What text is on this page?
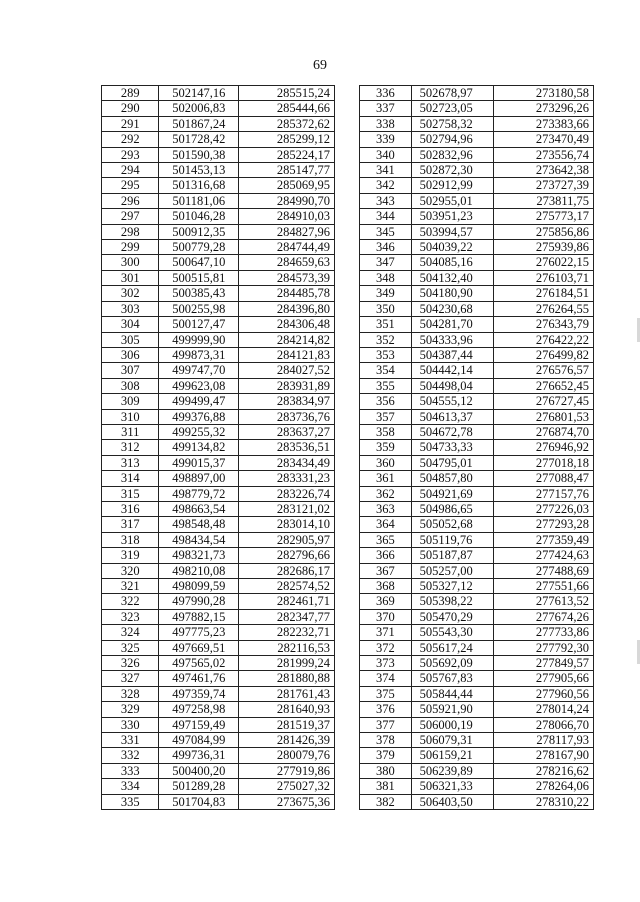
69
289	502147,16	285515,24
290	502006,83	285444,66
291	501867,24	285372,62
292	501728,42	285299,12
293	501590,38	285224,17
294	501453,13	285147,77
295	501316,68	285069,95
296	501181,06	284990,70
297	501046,28	284910,03
298	500912,35	284827,96
299	500779,28	284744,49
300	500647,10	284659,63
301	500515,81	284573,39
302	500385,43	284485,78
303	500255,98	284396,80
304	500127,47	284306,48
305	499999,90	284214,82
306	499873,31	284121,83
307	499747,70	284027,52
308	499623,08	283931,89
309	499499,47	283834,97
310	499376,88	283736,76
311	499255,32	283637,27
312	499134,82	283536,51
313	499015,37	283434,49
314	498897,00	283331,23
315	498779,72	283226,74
316	498663,54	283121,02
317	498548,48	283014,10
318	498434,54	282905,97
319	498321,73	282796,66
320	498210,08	282686,17
321	498099,59	282574,52
322	497990,28	282461,71
323	497882,15	282347,77
324	497775,23	282232,71
325	497669,51	282116,53
326	497565,02	281999,24
327	497461,76	281880,88
328	497359,74	281761,43
329	497258,98	281640,93
330	497159,49	281519,37
331	497084,99	281426,39
332	499736,31	280079,76
333	500400,20	277919,86
334	501289,28	275027,32
335	501704,83	273675,36
336	502678,97	273180,58
337	502723,05	273296,26
338	502758,32	273383,66
339	502794,96	273470,49
340	502832,96	273556,74
341	502872,30	273642,38
342	502912,99	273727,39
343	502955,01	273811,75
344	503951,23	275773,17
345	503994,57	275856,86
346	504039,22	275939,86
347	504085,16	276022,15
348	504132,40	276103,71
349	504180,90	276184,51
350	504230,68	276264,55
351	504281,70	276343,79
352	504333,96	276422,22
353	504387,44	276499,82
354	504442,14	276576,57
355	504498,04	276652,45
356	504555,12	276727,45
357	504613,37	276801,53
358	504672,78	276874,70
359	504733,33	276946,92
360	504795,01	277018,18
361	504857,80	277088,47
362	504921,69	277157,76
363	504986,65	277226,03
364	505052,68	277293,28
365	505119,76	277359,49
366	505187,87	277424,63
367	505257,00	277488,69
368	505327,12	277551,66
369	505398,22	277613,52
370	505470,29	277674,26
371	505543,30	277733,86
372	505617,24	277792,30
373	505692,09	277849,57
374	505767,83	277905,66
375	505844,44	277960,56
376	505921,90	278014,24
377	506000,19	278066,70
378	506079,31	278117,93
379	506159,21	278167,90
380	506239,89	278216,62
381	506321,33	278264,06
382	506403,50	278310,22
